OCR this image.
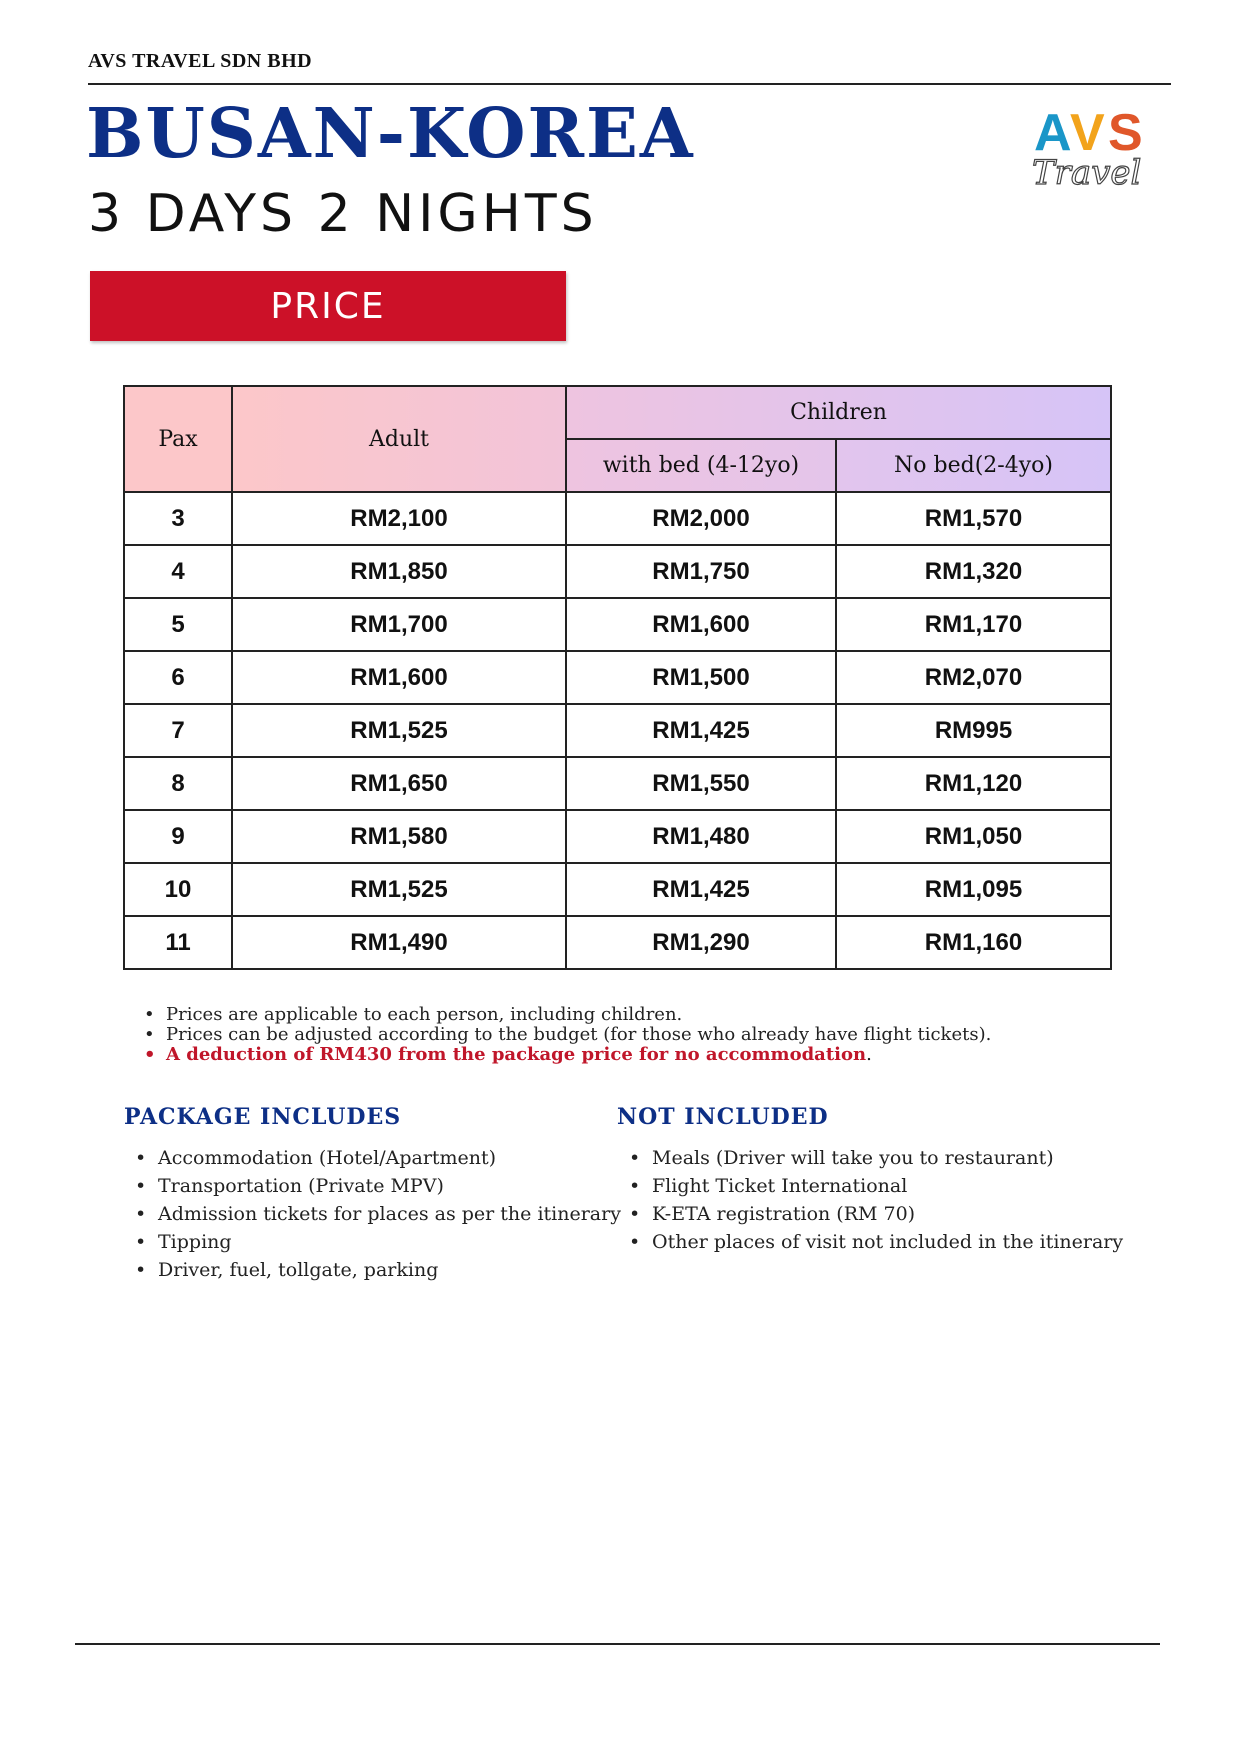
AVS TRAVEL SDN BHD
BUSAN-KOREA
3 DAYS 2 NIGHTS
A
V S
Travel
PRICE
Pax	Adult	Children	
		with bed (4-12yo)	No bed(2-4yo)
3	RM2,100	RM2,000	RM1,570
4	RM1,850	RM1,750	RM1,320
5	RM1,700	RM1,600	RM1,170
6	RM1,600	RM1,500	RM2,070
7	RM1,525	RM1,425	RM995
8	RM1,650	RM1,550	RM1,120
9	RM1,580	RM1,480	RM1,050
10	RM1,525	RM1,425	RM1,095
11	RM1,490	RM1,290	RM1,160
• Prices are applicable to each person, including children.
• Prices can be adjusted according to the budget (for those who already have flight tickets).
• A deduction of RM430 from the package price for no accommodation.
PACKAGE INCLUDES
• Accommodation (Hotel/Apartment)
• Transportation (Private MPV)
• Admission tickets for places as per the itinerary
• Tipping
• Driver, fuel, tollgate, parking
NOT INCLUDED
• Meals (Driver will take you to restaurant)
• Flight Ticket International
• K-ETA registration (RM 70)
• Other places of visit not included in the itinerary
